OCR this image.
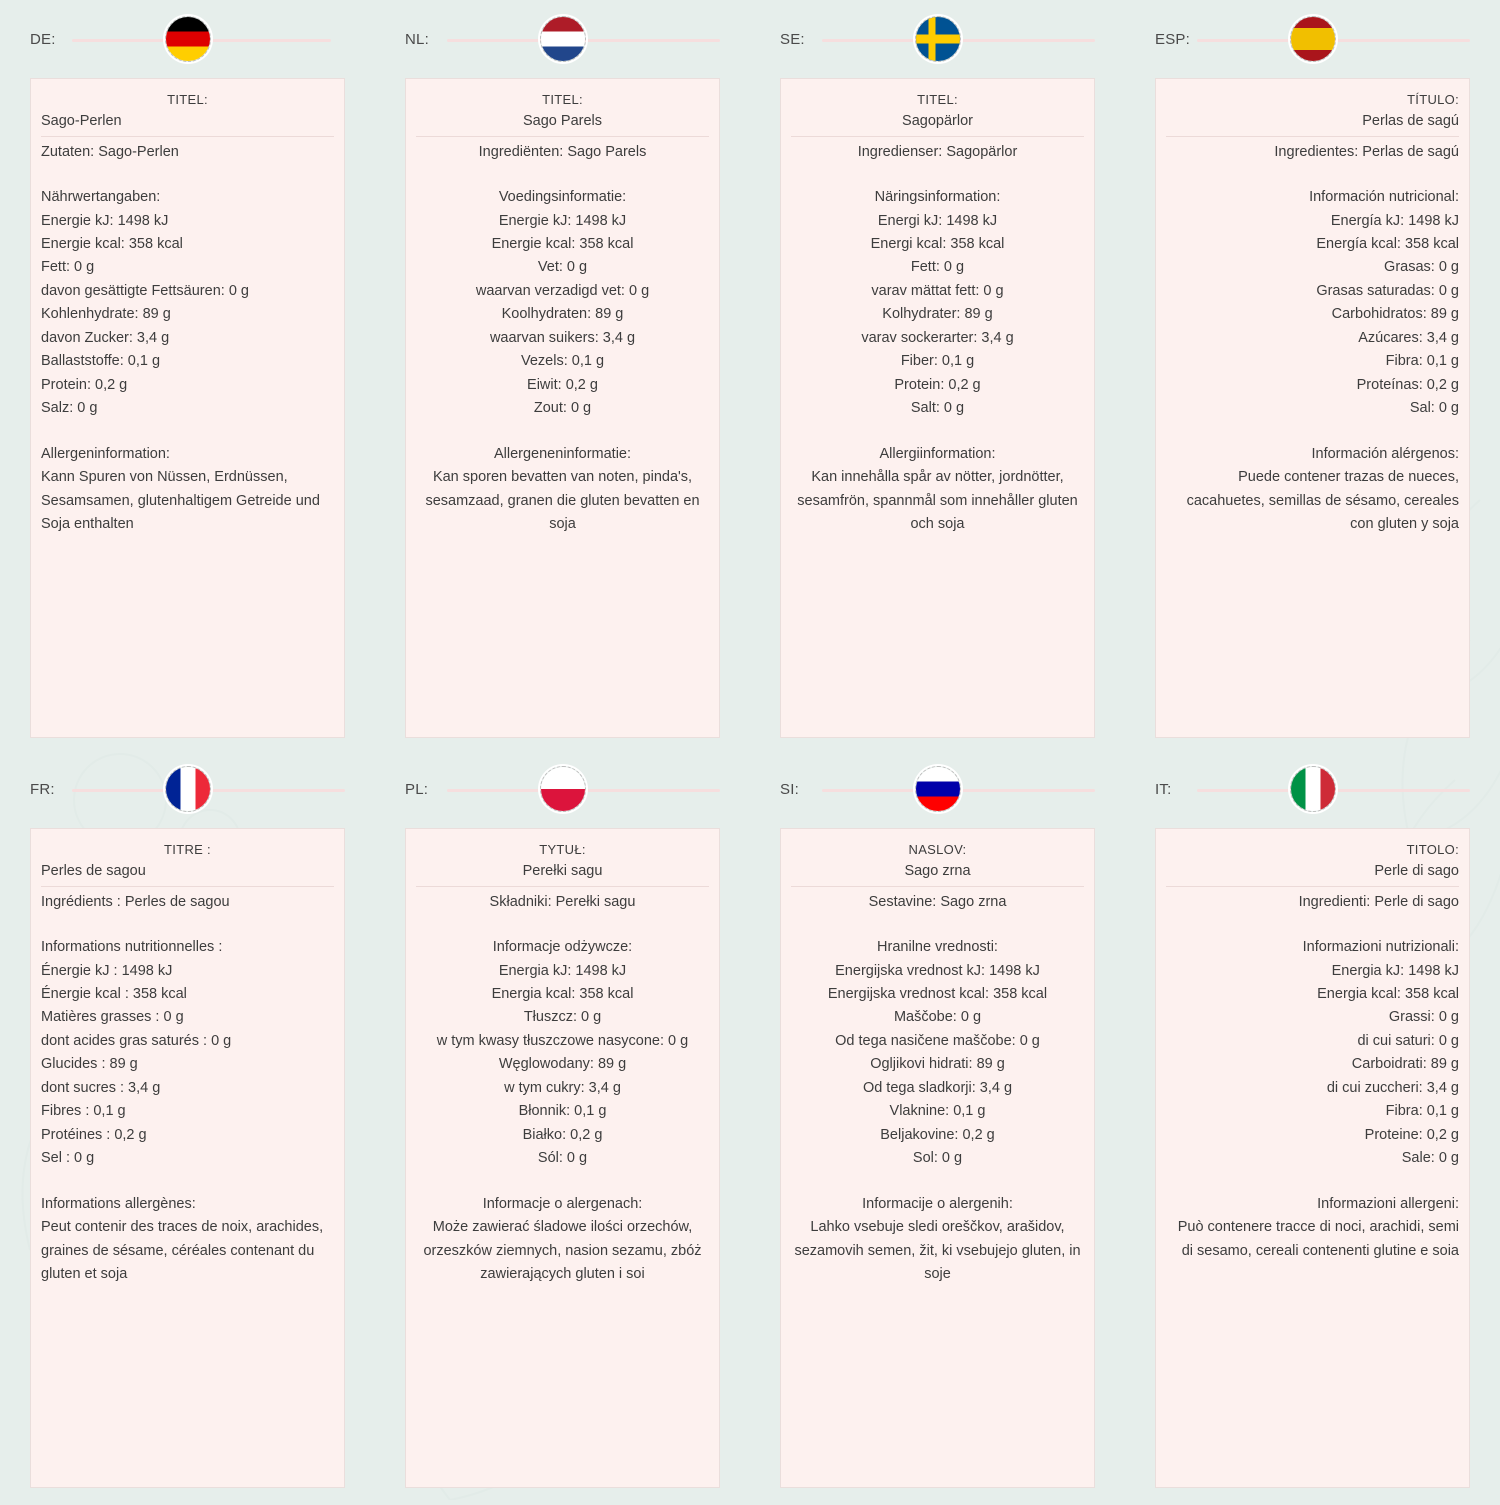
DE:
TITEL:
Sago-Perlen

Zutaten: Sago-Perlen

Nährwertangaben:

Energie kJ: 1498 kJ

Energie kcal: 358 kcal

Fett: 0 g

davon gesättigte Fettsäuren: 0 g

Kohlenhydrate: 89 g

davon Zucker: 3,4 g

Ballaststoffe: 0,1 g

Protein: 0,2 g

Salz: 0 g

Allergeninformation:

Kann Spuren von Nüssen, Erdnüssen, Sesamsamen, glutenhaltigem Getreide und Soja enthalten

NL:
TITEL:
Sago Parels

Ingrediënten: Sago Parels

Voedingsinformatie:

Energie kJ: 1498 kJ

Energie kcal: 358 kcal

Vet: 0 g

waarvan verzadigd vet: 0 g

Koolhydraten: 89 g

waarvan suikers: 3,4 g

Vezels: 0,1 g

Eiwit: 0,2 g

Zout: 0 g

Allergeneninformatie:

Kan sporen bevatten van noten, pinda's, sesamzaad, granen die gluten bevatten en soja

SE:
TITEL:
Sagopärlor

Ingredienser: Sagopärlor

Näringsinformation:

Energi kJ: 1498 kJ

Energi kcal: 358 kcal

Fett: 0 g

varav mättat fett: 0 g

Kolhydrater: 89 g

varav sockerarter: 3,4 g

Fiber: 0,1 g

Protein: 0,2 g

Salt: 0 g

Allergiinformation:

Kan innehålla spår av nötter, jordnötter, sesamfrön, spannmål som innehåller gluten och soja

ESP:
TÍTULO:
Perlas de sagú

Ingredientes: Perlas de sagú

Información nutricional:

Energía kJ: 1498 kJ

Energía kcal: 358 kcal

Grasas: 0 g

Grasas saturadas: 0 g

Carbohidratos: 89 g

Azúcares: 3,4 g

Fibra: 0,1 g

Proteínas: 0,2 g

Sal: 0 g

Información alérgenos:

Puede contener trazas de nueces, cacahuetes, semillas de sésamo, cereales con gluten y soja

FR:
TITRE :
Perles de sagou

Ingrédients : Perles de sagou

Informations nutritionnelles :

Énergie kJ : 1498 kJ

Énergie kcal : 358 kcal

Matières grasses : 0 g

dont acides gras saturés : 0 g

Glucides : 89 g

dont sucres : 3,4 g

Fibres : 0,1 g

Protéines : 0,2 g

Sel : 0 g

Informations allergènes:

Peut contenir des traces de noix, arachides, graines de sésame, céréales contenant du gluten et soja

PL:
TYTUŁ:
Perełki sagu

Składniki: Perełki sagu

Informacje odżywcze:

Energia kJ: 1498 kJ

Energia kcal: 358 kcal

Tłuszcz: 0 g

w tym kwasy tłuszczowe nasycone: 0 g

Węglowodany: 89 g

w tym cukry: 3,4 g

Błonnik: 0,1 g

Białko: 0,2 g

Sól: 0 g

Informacje o alergenach:

Może zawierać śladowe ilości orzechów, orzeszków ziemnych, nasion sezamu, zbóż zawierających gluten i soi

SI:
NASLOV:
Sago zrna

Sestavine: Sago zrna

Hranilne vrednosti:

Energijska vrednost kJ: 1498 kJ

Energijska vrednost kcal: 358 kcal

Maščobe: 0 g

Od tega nasičene maščobe: 0 g

Ogljikovi hidrati: 89 g

Od tega sladkorji: 3,4 g

Vlaknine: 0,1 g

Beljakovine: 0,2 g

Sol: 0 g

Informacije o alergenih:

Lahko vsebuje sledi oreščkov, arašidov, sezamovih semen, žit, ki vsebujejo gluten, in soje

IT:
TITOLO:
Perle di sago

Ingredienti: Perle di sago

Informazioni nutrizionali:

Energia kJ: 1498 kJ

Energia kcal: 358 kcal

Grassi: 0 g

di cui saturi: 0 g

Carboidrati: 89 g

di cui zuccheri: 3,4 g

Fibra: 0,1 g

Proteine: 0,2 g

Sale: 0 g

Informazioni allergeni:

Può contenere tracce di noci, arachidi, semi di sesamo, cereali contenenti glutine e soia
